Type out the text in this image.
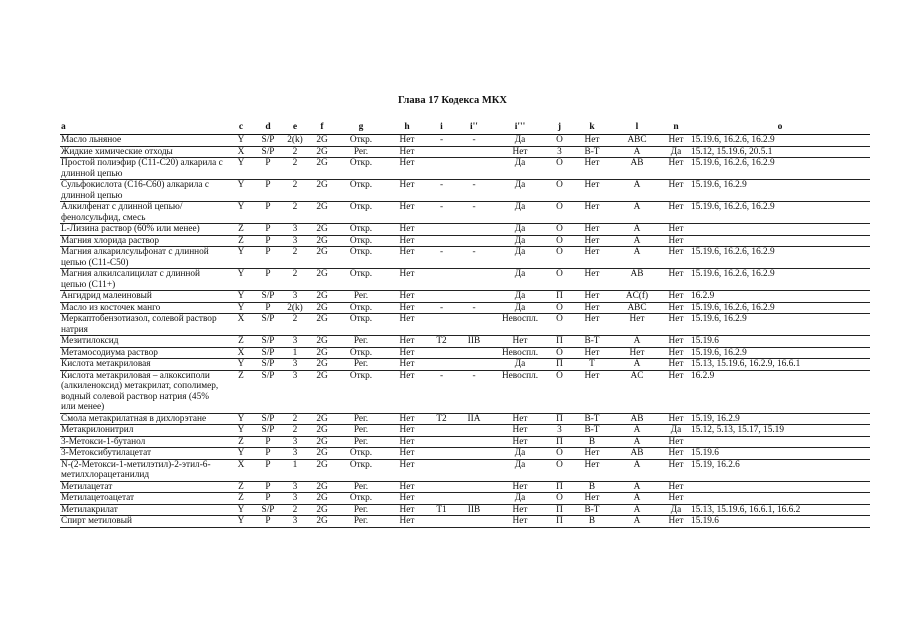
Глава 17 Кодекса МКХ
a	c	d	e	f	g	h	i	i''	i'''	j	k	l	n	o
Масло льняное	Y	S/P	2(k)	2G	Откр.	Нет	-	-	Да	O	Нет	ABC	Нет	15.19.6, 16.2.6, 16.2.9
Жидкие химические отходы	X	S/P	2	2G	Рег.	Нет			Нет	3	В-Т	A	Да	15.12, 15.19.6, 20.5.1
Простой полиэфир (C11-C20) алкарила с длинной цепью	Y	P	2	2G	Откр.	Нет			Да	O	Нет	AB	Нет	15.19.6, 16.2.6, 16.2.9
Сульфокислота (C16-C60) алкарила с длинной цепью	Y	P	2	2G	Откр.	Нет	-	-	Да	O	Нет	A	Нет	15.19.6, 16.2.9
Алкилфенат с длинной цепью/ фенолсульфид, смесь	Y	P	2	2G	Откр.	Нет	-	-	Да	O	Нет	A	Нет	15.19.6, 16.2.6, 16.2.9
L-Лизина раствор (60% или менее)	Z	P	3	2G	Откр.	Нет			Да	O	Нет	A	Нет	
Магния хлорида раствор	Z	P	3	2G	Откр.	Нет			Да	O	Нет	A	Нет	
Магния алкарилсульфонат с длинной цепью (C11-C50)	Y	P	2	2G	Откр.	Нет	-	-	Да	O	Нет	A	Нет	15.19.6, 16.2.6, 16.2.9
Магния алкилсалицилат с длинной цепью (C11+)	Y	P	2	2G	Откр.	Нет			Да	O	Нет	AB	Нет	15.19.6, 16.2.6, 16.2.9
Ангидрид малеиновый	Y	S/P	3	2G	Рег.	Нет			Да	П	Нет	AC(f)	Нет	16.2.9
Масло из косточек манго	Y	P	2(k)	2G	Откр.	Нет	-	-	Да	O	Нет	ABC	Нет	15.19.6, 16.2.6, 16.2.9
Меркаптобензотиазол, солевой раствор натрия	X	S/P	2	2G	Откр.	Нет			Невоспл.	O	Нет	Нет	Нет	15.19.6, 16.2.9
Мезитилоксид	Z	S/P	3	2G	Рег.	Нет	T2	IIB	Нет	П	В-Т	A	Нет	15.19.6
Метамосодиума раствор	X	S/P	1	2G	Откр.	Нет			Невоспл.	O	Нет	Нет	Нет	15.19.6, 16.2.9
Кислота метакриловая	Y	S/P	3	2G	Рег.	Нет			Да	П	T	A	Нет	15.13, 15.19.6, 16.2.9, 16.6.1
Кислота метакриловая – алкоксиполи (алкиленоксид) метакрилат, сополимер, водный солевой раствор натрия (45% или менее)	Z	S/P	3	2G	Откр.	Нет	-	-	Невоспл.	O	Нет	AC	Нет	16.2.9
Смола метакрилатная в дихлорэтане	Y	S/P	2	2G	Рег.	Нет	T2	IIA	Нет	П	В-Т	AB	Нет	15.19, 16.2.9
Метакрилонитрил	Y	S/P	2	2G	Рег.	Нет			Нет	3	В-Т	A	Да	15.12, 5.13, 15.17, 15.19
3-Метокси-1-бутанол	Z	P	3	2G	Рег.	Нет			Нет	П	B	A	Нет	
3-Метоксибутилацетат	Y	P	3	2G	Откр.	Нет			Да	O	Нет	AB	Нет	15.19.6
N-(2-Метокси-1-метилэтил)-2-этил-6-метилхлорацетанилид	X	P	1	2G	Откр.	Нет			Да	O	Нет	A	Нет	15.19, 16.2.6
Метилацетат	Z	P	3	2G	Рег.	Нет			Нет	П	B	A	Нет	
Метилацетоацетат	Z	P	3	2G	Откр.	Нет			Да	O	Нет	A	Нет	
Метилакрилат	Y	S/P	2	2G	Рег.	Нет	T1	IIB	Нет	П	В-Т	A	Да	15.13, 15.19.6, 16.6.1, 16.6.2
Спирт метиловый	Y	P	3	2G	Рег.	Нет			Нет	П	B	A	Нет	15.19.6
